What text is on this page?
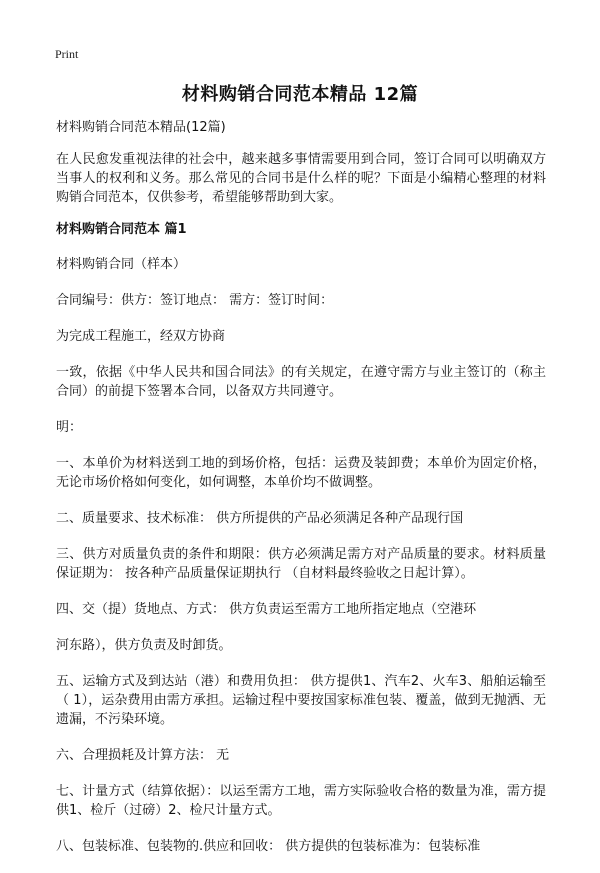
Print
材料购销合同范本精品 12篇

材料购销合同范本精品(12篇)

在人民愈发重视法律的社会中，越来越多事情需要用到合同，签订合同可以明确双方当事人的权利和义务。那么常见的合同书是什么样的呢？下面是小编精心整理的材料购销合同范本，仅供参考，希望能够帮助到大家。

材料购销合同范本 篇1

材料购销合同（样本）

合同编号：供方：签订地点： 需方：签订时间：

为完成工程施工，经双方协商

一致，依据《中华人民共和国合同法》的有关规定，在遵守需方与业主签订的（称主合同）的前提下签署本合同，以备双方共同遵守。

明：

一、本单价为材料送到工地的到场价格，包括：运费及装卸费；本单价为固定价格，无论市场价格如何变化，如何调整，本单价均不做调整。

二、质量要求、技术标准： 供方所提供的产品必须满足各种产品现行国

三、供方对质量负责的条件和期限：供方必须满足需方对产品质量的要求。材料质量保证期为： 按各种产品质量保证期执行 （自材料最终验收之日起计算）。

四、交（提）货地点、方式： 供方负责运至需方工地所指定地点（空港环

河东路），供方负责及时卸货。

五、运输方式及到达站（港）和费用负担： 供方提供1、汽车2、火车3、船舶运输至 （ 1），运杂费用由需方承担。运输过程中要按国家标准包装、覆盖，做到无抛洒、无遗漏，不污染环境。

六、合理损耗及计算方法： 无

七、计量方式（结算依据）：以运至需方工地，需方实际验收合格的数量为准，需方提供1、检斤（过磅）2、检尺计量方式。

八、包装标准、包装物的.供应和回收： 供方提供的包装标准为：包装标准
